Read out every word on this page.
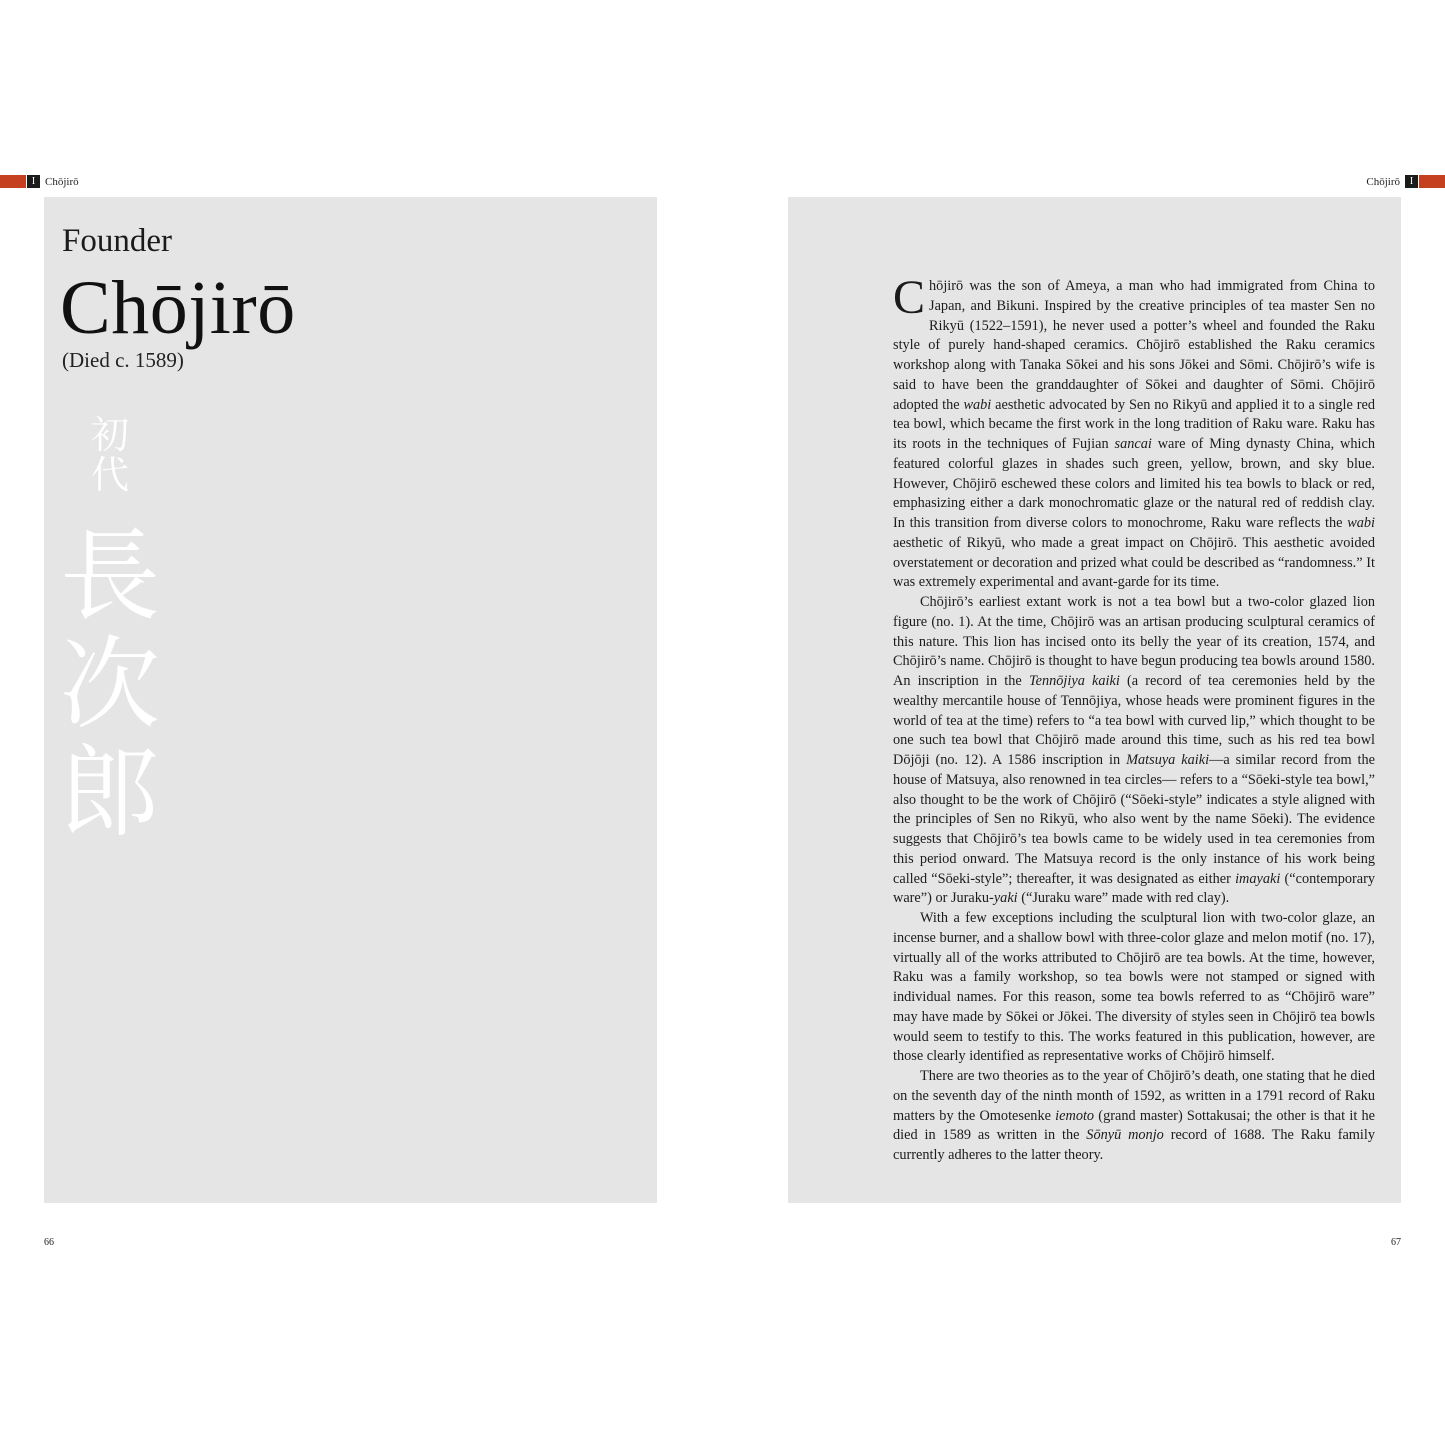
I Chōjirō	Chōjirō I
Founder
Chōjirō
(Died c. 1589)
初
代
長
次
郎

Chōjirō was the son of Ameya, a man who had immigrated from China to Japan, and Bikuni. Inspired by the creative principles of tea master Sen no Rikyū (1522–1591), he never used a potter’s wheel and founded the Raku style of purely hand-shaped ceramics. Chōjirō established the Raku ceramics workshop along with Tanaka Sōkei and his sons Jōkei and Sōmi. Chōjirō’s wife is said to have been the granddaughter of Sōkei and daughter of Sōmi. Chōjirō adopted the wabi aesthetic advocated by Sen no Rikyū and applied it to a single red tea bowl, which became the first work in the long tradition of Raku ware. Raku has its roots in the techniques of Fujian sancai ware of Ming dynasty China, which featured colorful glazes in shades such green, yellow, brown, and sky blue. However, Chōjirō eschewed these colors and limited his tea bowls to black or red, emphasizing either a dark monochromatic glaze or the natural red of reddish clay. In this transition from diverse colors to monochrome, Raku ware reflects the wabi aesthetic of Rikyū, who made a great impact on Chōjirō. This aesthetic avoided overstatement or decoration and prized what could be described as “randomness.” It was extremely experimental and avant-garde for its time.

Chōjirō’s earliest extant work is not a tea bowl but a two-color glazed lion figure (no. 1). At the time, Chōjirō was an artisan producing sculptural ceramics of this nature. This lion has incised onto its belly the year of its creation, 1574, and Chōjirō’s name. Chōjirō is thought to have begun producing tea bowls around 1580. An inscription in the Tennōjiya kaiki (a record of tea ceremonies held by the wealthy mercantile house of Tennōjiya, whose heads were prominent figures in the world of tea at the time) refers to “a tea bowl with curved lip,” which thought to be one such tea bowl that Chōjirō made around this time, such as his red tea bowl Dōjōji (no. 12). A 1586 inscription in Matsuya kaiki—a similar record from the house of Matsuya, also renowned in tea circles— refers to a “Sōeki-style tea bowl,” also thought to be the work of Chōjirō (“Sōeki-style” indicates a style aligned with the principles of Sen no Rikyū, who also went by the name Sōeki). The evidence suggests that Chōjirō’s tea bowls came to be widely used in tea ceremonies from this period onward. The Matsuya record is the only instance of his work being called “Sōeki-style”; thereafter, it was designated as either imayaki (“contemporary ware”) or Juraku-yaki (“Juraku ware” made with red clay).

With a few exceptions including the sculptural lion with two-color glaze, an incense burner, and a shallow bowl with three-color glaze and melon motif (no. 17), virtually all of the works attributed to Chōjirō are tea bowls. At the time, however, Raku was a family workshop, so tea bowls were not stamped or signed with individual names. For this reason, some tea bowls referred to as “Chōjirō ware” may have made by Sōkei or Jōkei. The diversity of styles seen in Chōjirō tea bowls would seem to testify to this. The works featured in this publication, however, are those clearly identified as representative works of Chōjirō himself.

There are two theories as to the year of Chōjirō’s death, one stating that he died on the seventh day of the ninth month of 1592, as written in a 1791 record of Raku matters by the Omotesenke iemoto (grand master) Sottakusai; the other is that it he died in 1589 as written in the Sōnyū monjo record of 1688. The Raku family currently adheres to the latter theory.

66	67
